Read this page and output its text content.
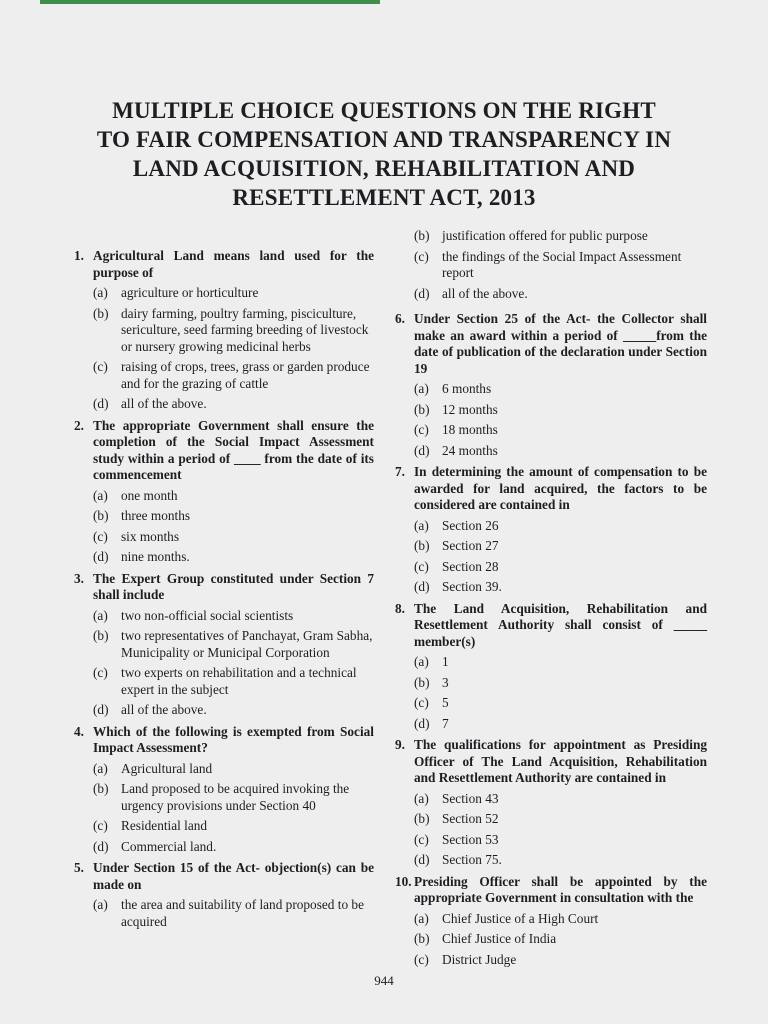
MULTIPLE CHOICE QUESTIONS ON THE RIGHT
TO FAIR COMPENSATION AND TRANSPARENCY IN
LAND ACQUISITION, REHABILITATION AND
RESETTLEMENT ACT, 2013
1. Agricultural Land means land used for the purpose of
(a) agriculture or horticulture
(b) dairy farming, poultry farming, pisciculture, sericulture, seed farming breeding of livestock or nursery growing medicinal herbs
(c) raising of crops, trees, grass or garden produce and for the grazing of cattle
(d) all of the above.
2. The appropriate Government shall ensure the completion of the Social Impact Assessment study within a period of ____ from the date of its commencement
(a) one month
(b) three months
(c) six months
(d) nine months.
3. The Expert Group constituted under Section 7 shall include
(a) two non-official social scientists
(b) two representatives of Panchayat, Gram Sabha, Municipality or Municipal Corporation
(c) two experts on rehabilitation and a technical expert in the subject
(d) all of the above.
4. Which of the following is exempted from Social Impact Assessment?
(a) Agricultural land
(b) Land proposed to be acquired invoking the urgency provisions under Section 40
(c) Residential land
(d) Commercial land.
5. Under Section 15 of the Act- objection(s) can be made on
(a) the area and suitability of land proposed to be acquired
(b) justification offered for public purpose
(c) the findings of the Social Impact Assessment report
(d) all of the above.
6. Under Section 25 of the Act- the Collector shall make an award within a period of _____from the date of publication of the declaration under Section 19
(a) 6 months
(b) 12 months
(c) 18 months
(d) 24 months
7. In determining the amount of compensation to be awarded for land acquired, the factors to be considered are contained in
(a) Section 26
(b) Section 27
(c) Section 28
(d) Section 39.
8. The Land Acquisition, Rehabilitation and Resettlement Authority shall consist of _____ member(s)
(a) 1
(b) 3
(c) 5
(d) 7
9. The qualifications for appointment as Presiding Officer of The Land Acquisition, Rehabilitation and Resettlement Authority are contained in
(a) Section 43
(b) Section 52
(c) Section 53
(d) Section 75.
10. Presiding Officer shall be appointed by the appropriate Government in consultation with the
(a) Chief Justice of a High Court
(b) Chief Justice of India
(c) District Judge
944
